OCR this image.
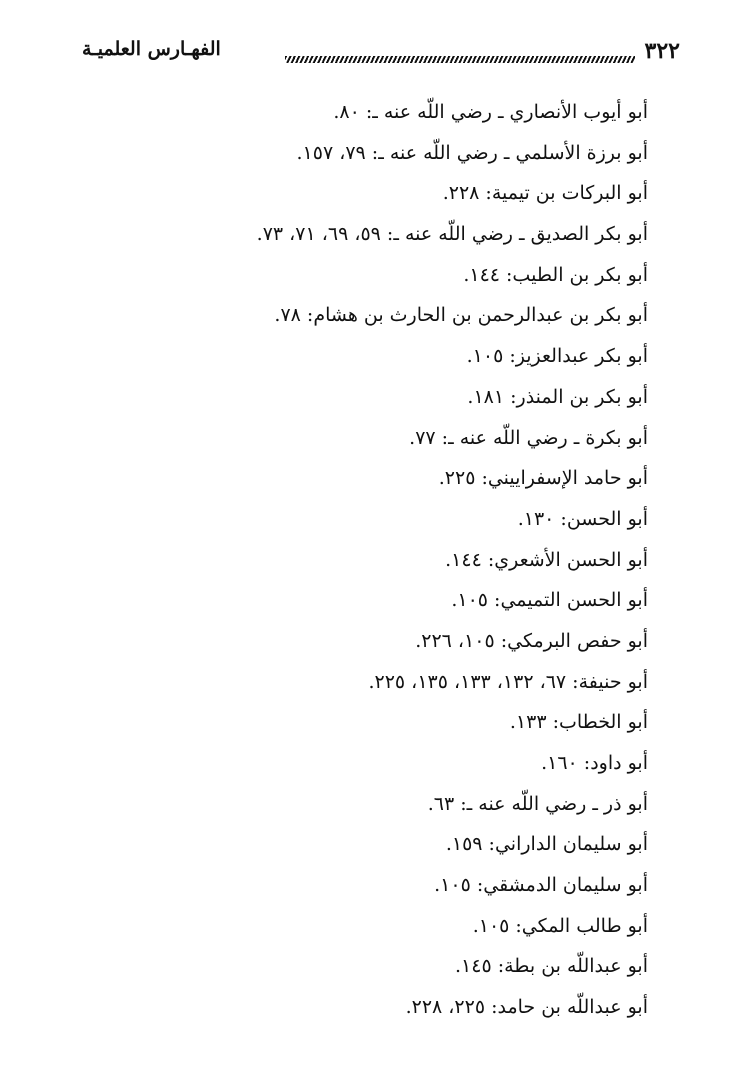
٣٢٢
الفهـارس العلميـة
أبو أيوب الأنصاري ـ رضي اللّه عنه ـ: ٨٠.
أبو برزة الأسلمي ـ رضي اللّه عنه ـ: ٧٩، ١٥٧.
أبو البركات بن تيمية: ٢٢٨.
أبو بكر الصديق ـ رضي اللّه عنه ـ: ٥٩، ٦٩، ٧١، ٧٣.
أبو بكر بن الطيب: ١٤٤.
أبو بكر بن عبدالرحمن بن الحارث بن هشام: ٧٨.
أبو بكر عبدالعزيز: ١٠٥.
أبو بكر بن المنذر: ١٨١.
أبو بكرة ـ رضي اللّه عنه ـ: ٧٧.
أبو حامد الإسفراييني: ٢٢٥.
أبو الحسن: ١٣٠.
أبو الحسن الأشعري: ١٤٤.
أبو الحسن التميمي: ١٠٥.
أبو حفص البرمكي: ١٠٥، ٢٢٦.
أبو حنيفة: ٦٧، ١٣٢، ١٣٣، ١٣٥، ٢٢٥.
أبو الخطاب: ١٣٣.
أبو داود: ١٦٠.
أبو ذر ـ رضي اللّه عنه ـ: ٦٣.
أبو سليمان الداراني: ١٥٩.
أبو سليمان الدمشقي: ١٠٥.
أبو طالب المكي: ١٠٥.
أبو عبداللّه بن بطة: ١٤٥.
أبو عبداللّه بن حامد: ٢٢٥، ٢٢٨.
